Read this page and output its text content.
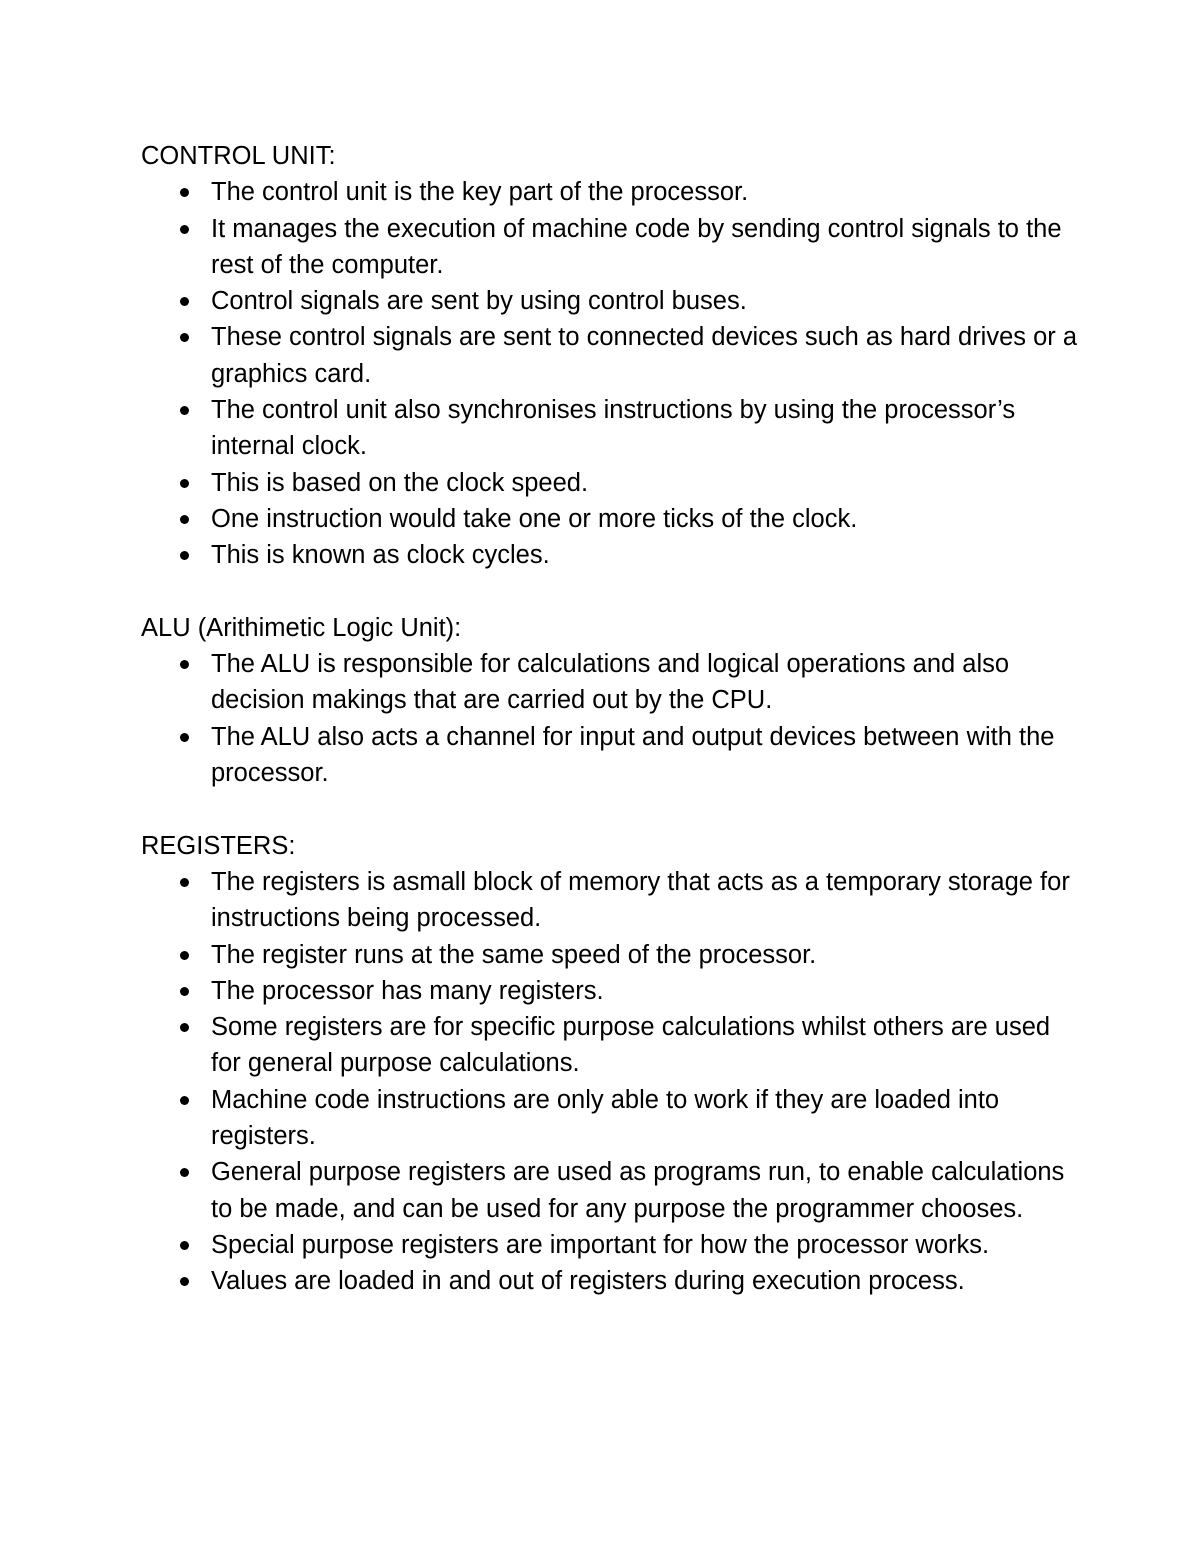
CONTROL UNIT:

The control unit is the key part of the processor.
It manages the execution of machine code by sending control signals to the rest of the computer.
Control signals are sent by using control buses.
These control signals are sent to connected devices such as hard drives or a graphics card.
The control unit also synchronises instructions by using the processor’s internal clock.
This is based on the clock speed.
One instruction would take one or more ticks of the clock.
This is known as clock cycles.

ALU (Arithimetic Logic Unit):

The ALU is responsible for calculations and logical operations and also decision makings that are carried out by the CPU.
The ALU also acts a channel for input and output devices between with the processor.

REGISTERS:

The registers is asmall block of memory that acts as a temporary storage for instructions being processed.
The register runs at the same speed of the processor.
The processor has many registers.
Some registers are for specific purpose calculations whilst others are used for general purpose calculations.
Machine code instructions are only able to work if they are loaded into registers.
General purpose registers are used as programs run, to enable calculations to be made, and can be used for any purpose the programmer chooses.
Special purpose registers are important for how the processor works.
Values are loaded in and out of registers during execution process.
